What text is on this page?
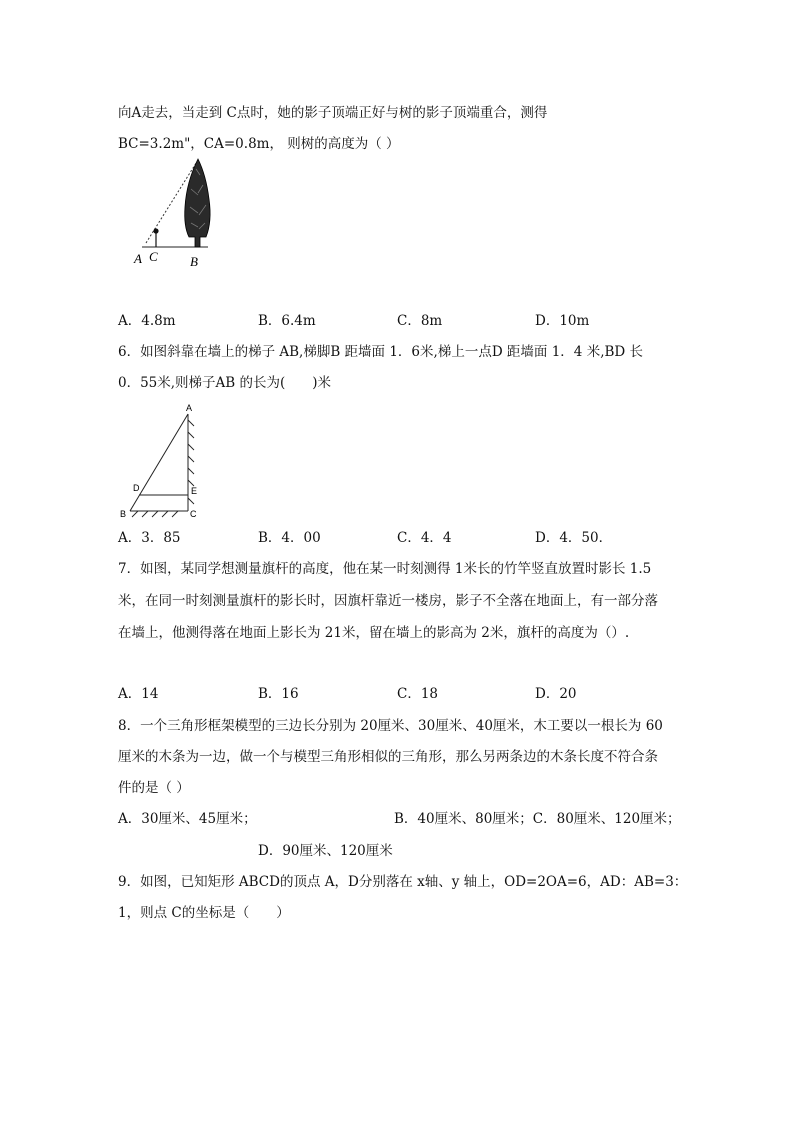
向A走去，当走到 C点时，她的影子顶端正好与树的影子顶端重合，测得
BC=3.2m"，CA=0.8m， 则树的高度为（ ）
A C B
A．4.8m	B．6.4m	C．8m	D．10m
6．如图斜靠在墙上的梯子 AB,梯脚B 距墙面 1．6米,梯上一点D 距墙面 1．4 米,BD 长
0．55米,则梯子AB 的长为(　　)米
A
D	E
B	C
A．3．85	B．4．00	C．4．4	D．4．50．
7．如图，某同学想测量旗杆的高度，他在某一时刻测得 1米长的竹竿竖直放置时影长 1.5
米，在同一时刻测量旗杆的影长时，因旗杆靠近一楼房，影子不全落在地面上，有一部分落
在墙上，他测得落在地面上影长为 21米，留在墙上的影高为 2米，旗杆的高度为（）.
A．14	B．16	C．18	D．20
8．一个三角形框架模型的三边长分别为 20厘米、30厘米、40厘米，木工要以一根长为 60
厘米的木条为一边，做一个与模型三角形相似的三角形，那么另两条边的木条长度不符合条
件的是（ ）
A．30厘米、45厘米；	B．40厘米、80厘米；C．80厘米、120厘米；
D．90厘米、120厘米
9．如图，已知矩形 ABCD的顶点 A，D分别落在 x轴、y 轴上，OD=2OA=6，AD：AB=3：
1，则点 C的坐标是（　　）
